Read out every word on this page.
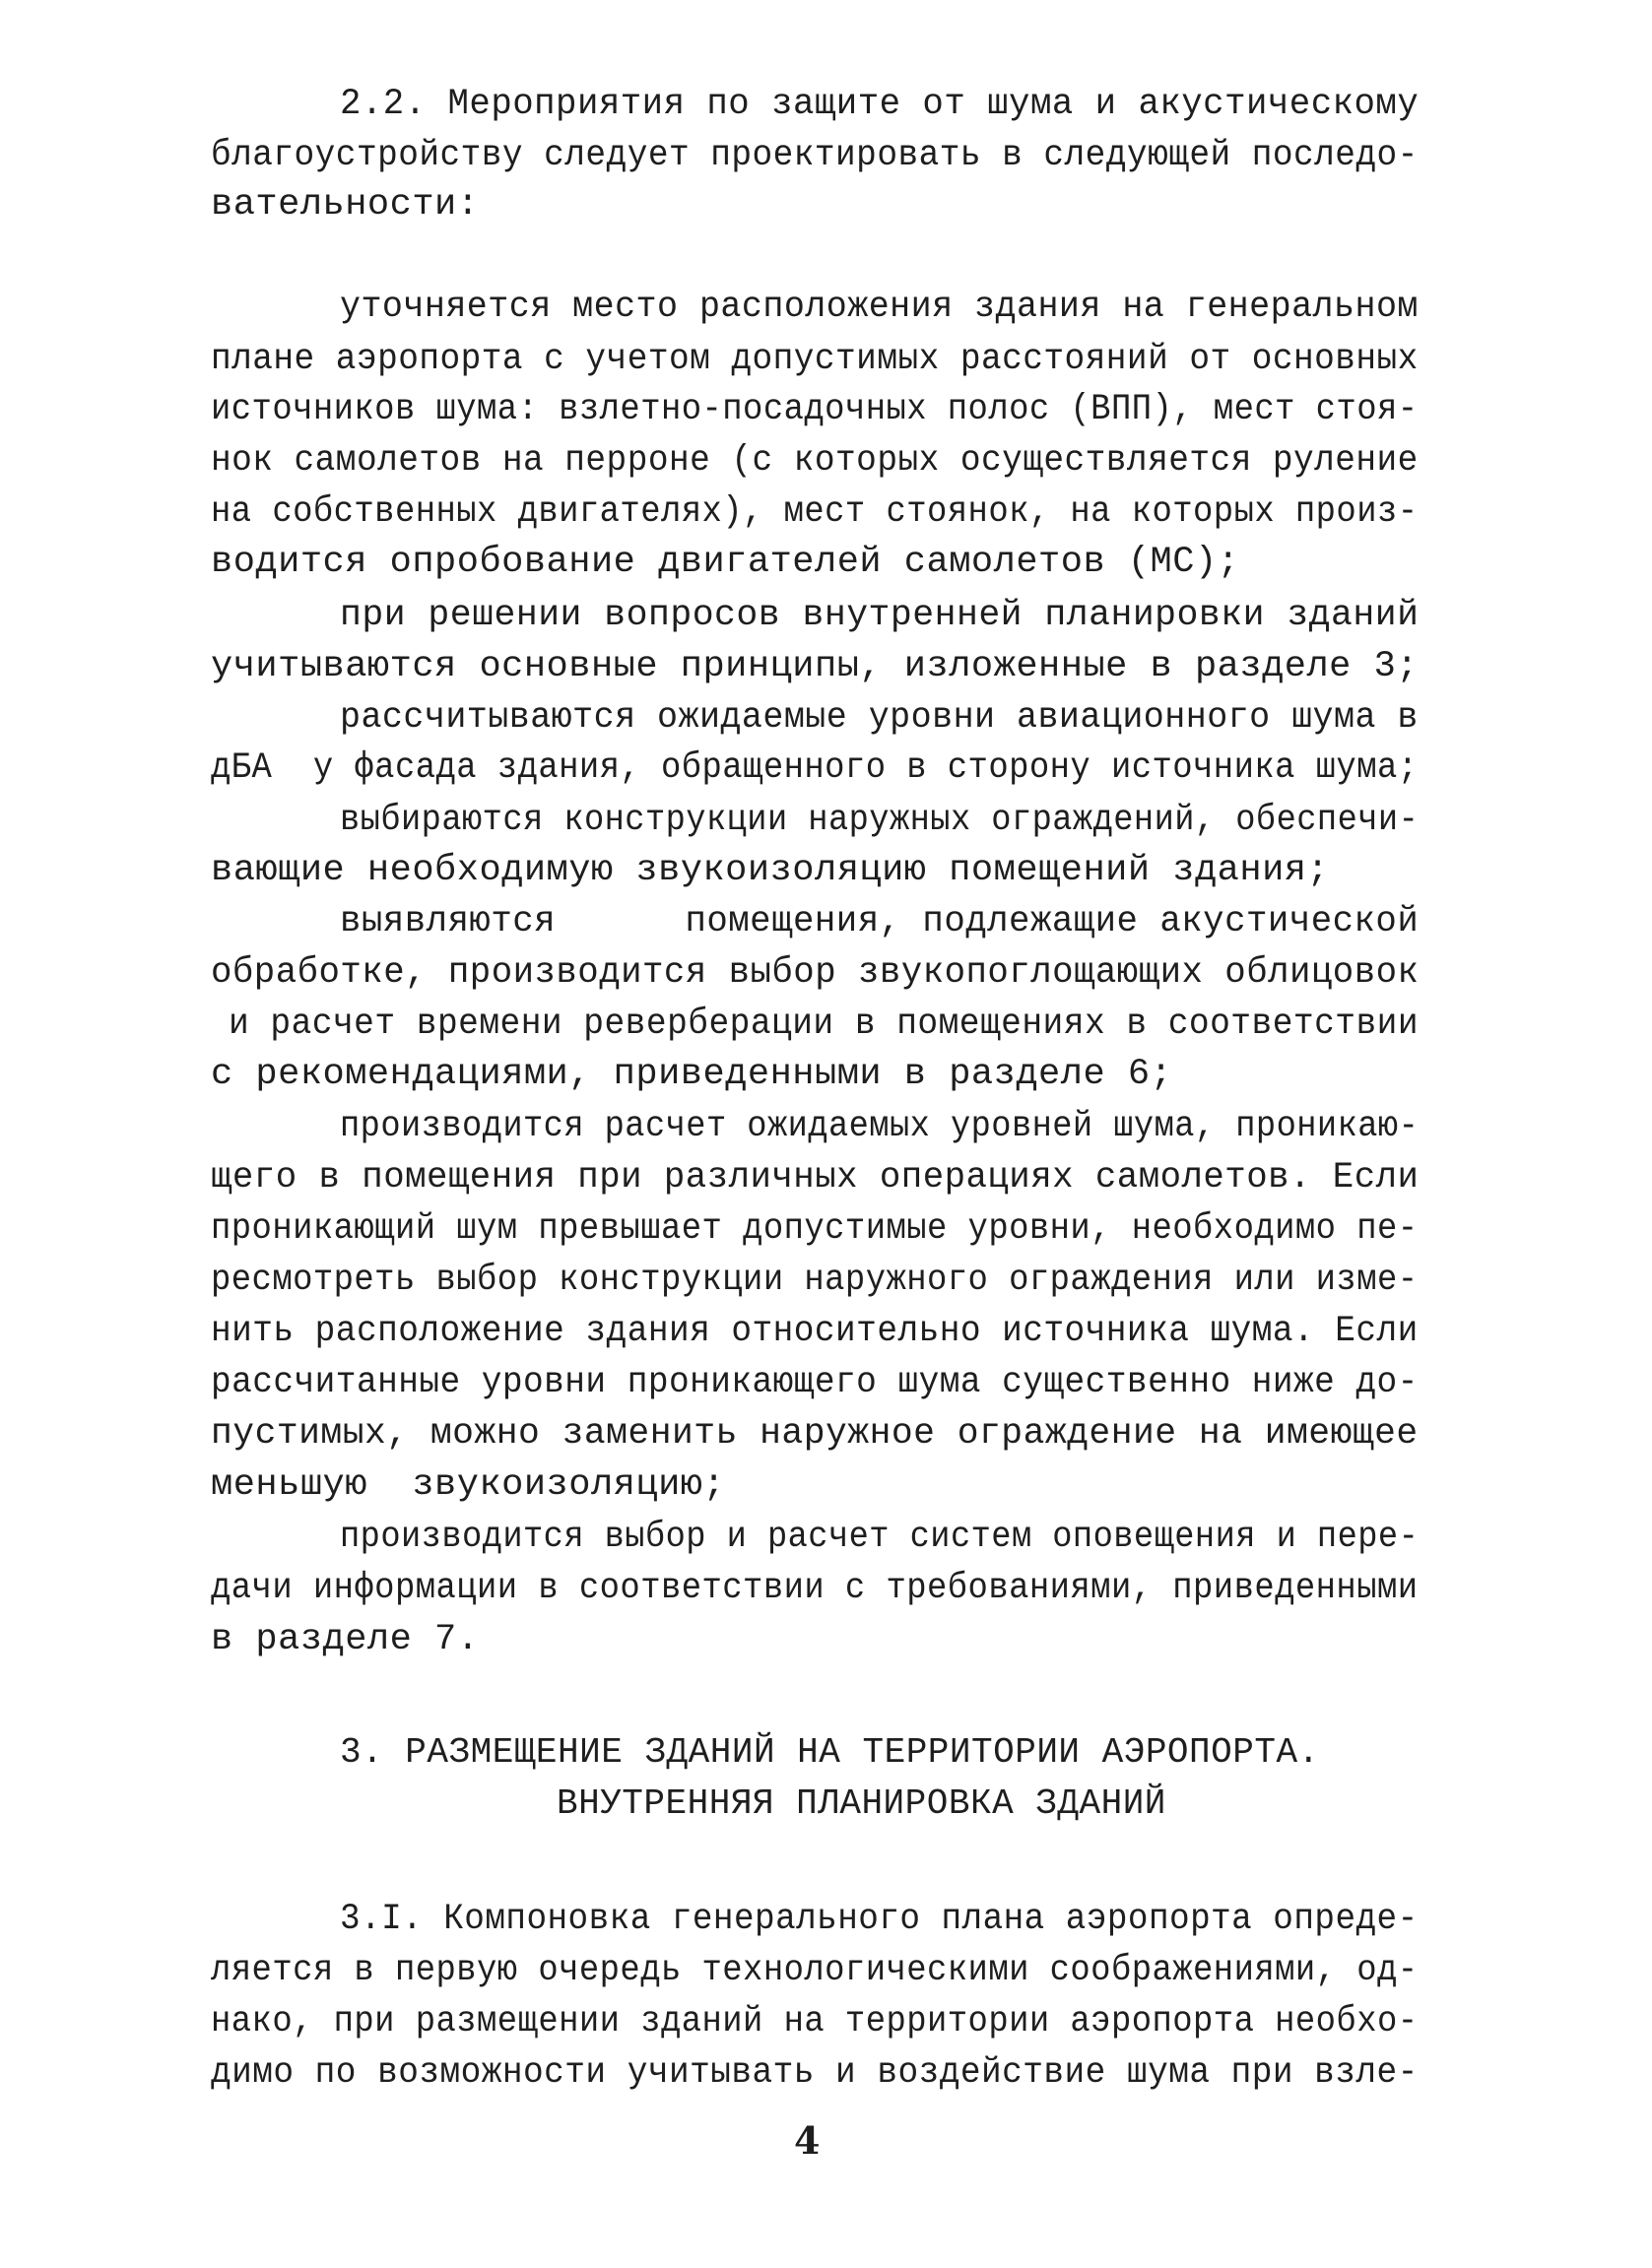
2.2. Мероприятия по защите от шума и акустическому
благоустройству следует проектировать в следующей последо-
вательности:
уточняется место расположения здания на генеральном
плане аэропорта с учетом допустимых расстояний от основных
источников шума: взлетно-посадочных полос (ВПП), мест стоя-
нок самолетов на перроне (с которых осуществляется руление
на собственных двигателях), мест стоянок, на которых произ-
водится опробование двигателей самолетов (МС);
при решении вопросов внутренней планировки зданий
учитываются основные принципы, изложенные в разделе 3;
рассчитываются ожидаемые уровни авиационного шума в
дБА  у фасада здания, обращенного в сторону источника шума;
выбираются конструкции наружных ограждений, обеспечи-
вающие необходимую звукоизоляцию помещений здания;
выявляются      помещения, подлежащие акустической
обработке, производится выбор звукопоглощающих облицовок
и расчет времени реверберации в помещениях в соответствии
с рекомендациями, приведенными в разделе 6;
производится расчет ожидаемых уровней шума, проникаю-
щего в помещения при различных операциях самолетов. Если
проникающий шум превышает допустимые уровни, необходимо пе-
ресмотреть выбор конструкции наружного ограждения или изме-
нить расположение здания относительно источника шума. Если
рассчитанные уровни проникающего шума существенно ниже до-
пустимых, можно заменить наружное ограждение на имеющее
меньшую  звукоизоляцию;
производится выбор и расчет систем оповещения и пере-
дачи информации в соответствии с требованиями, приведенными
в разделе 7.
3. РАЗМЕЩЕНИЕ ЗДАНИЙ НА ТЕРРИТОРИИ АЭРОПОРТА.
ВНУТРЕННЯЯ ПЛАНИРОВКА ЗДАНИЙ
3.I. Компоновка генерального плана аэропорта опреде-
ляется в первую очередь технологическими соображениями, од-
нако, при размещении зданий на территории аэропорта необхо-
димо по возможности учитывать и воздействие шума при взле-
4
